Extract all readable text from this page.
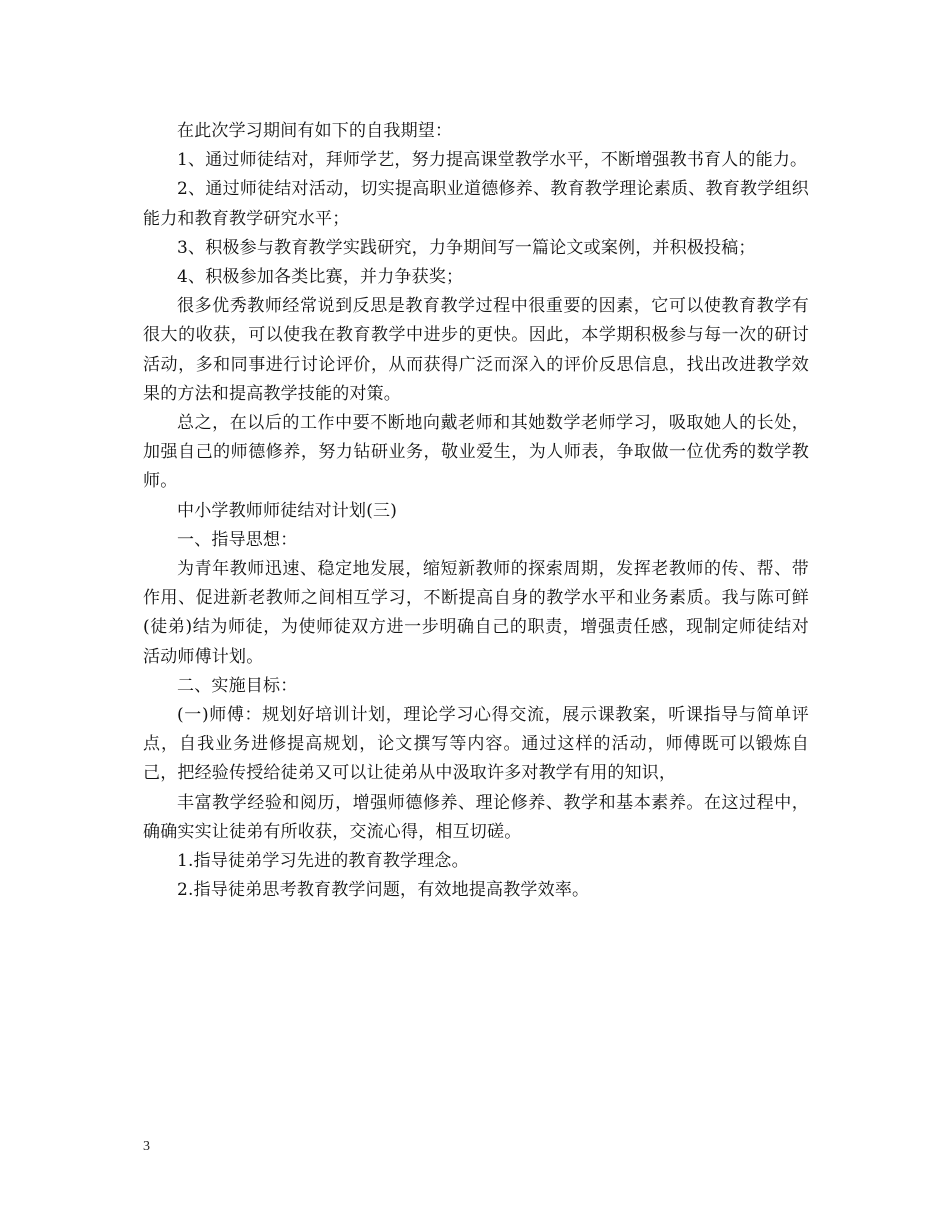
在此次学习期间有如下的自我期望：

1、通过师徒结对，拜师学艺，努力提高课堂教学水平，不断增强教书育人的能力。

2、通过师徒结对活动，切实提高职业道德修养、教育教学理论素质、教育教学组织能力和教育教学研究水平；

3、积极参与教育教学实践研究，力争期间写一篇论文或案例，并积极投稿；

4、积极参加各类比赛，并力争获奖；

很多优秀教师经常说到反思是教育教学过程中很重要的因素，它可以使教育教学有很大的收获，可以使我在教育教学中进步的更快。因此，本学期积极参与每一次的研讨活动，多和同事进行讨论评价，从而获得广泛而深入的评价反思信息，找出改进教学效果的方法和提高教学技能的对策。

总之，在以后的工作中要不断地向戴老师和其她数学老师学习，吸取她人的长处，加强自己的师德修养，努力钻研业务，敬业爱生，为人师表，争取做一位优秀的数学教师。

中小学教师师徒结对计划(三)

一、指导思想：

为青年教师迅速、稳定地发展，缩短新教师的探索周期，发挥老教师的传、帮、带作用、促进新老教师之间相互学习，不断提高自身的教学水平和业务素质。我与陈可鲜(徒弟)结为师徒，为使师徒双方进一步明确自己的职责，增强责任感，现制定师徒结对活动师傅计划。

二、实施目标：

(一)师傅：规划好培训计划，理论学习心得交流，展示课教案，听课指导与简单评点，自我业务进修提高规划，论文撰写等内容。通过这样的活动，师傅既可以锻炼自己，把经验传授给徒弟又可以让徒弟从中汲取许多对教学有用的知识，

丰富教学经验和阅历，增强师德修养、理论修养、教学和基本素养。在这过程中，确确实实让徒弟有所收获，交流心得，相互切磋。

1.指导徒弟学习先进的教育教学理念。

2.指导徒弟思考教育教学问题，有效地提高教学效率。

3
